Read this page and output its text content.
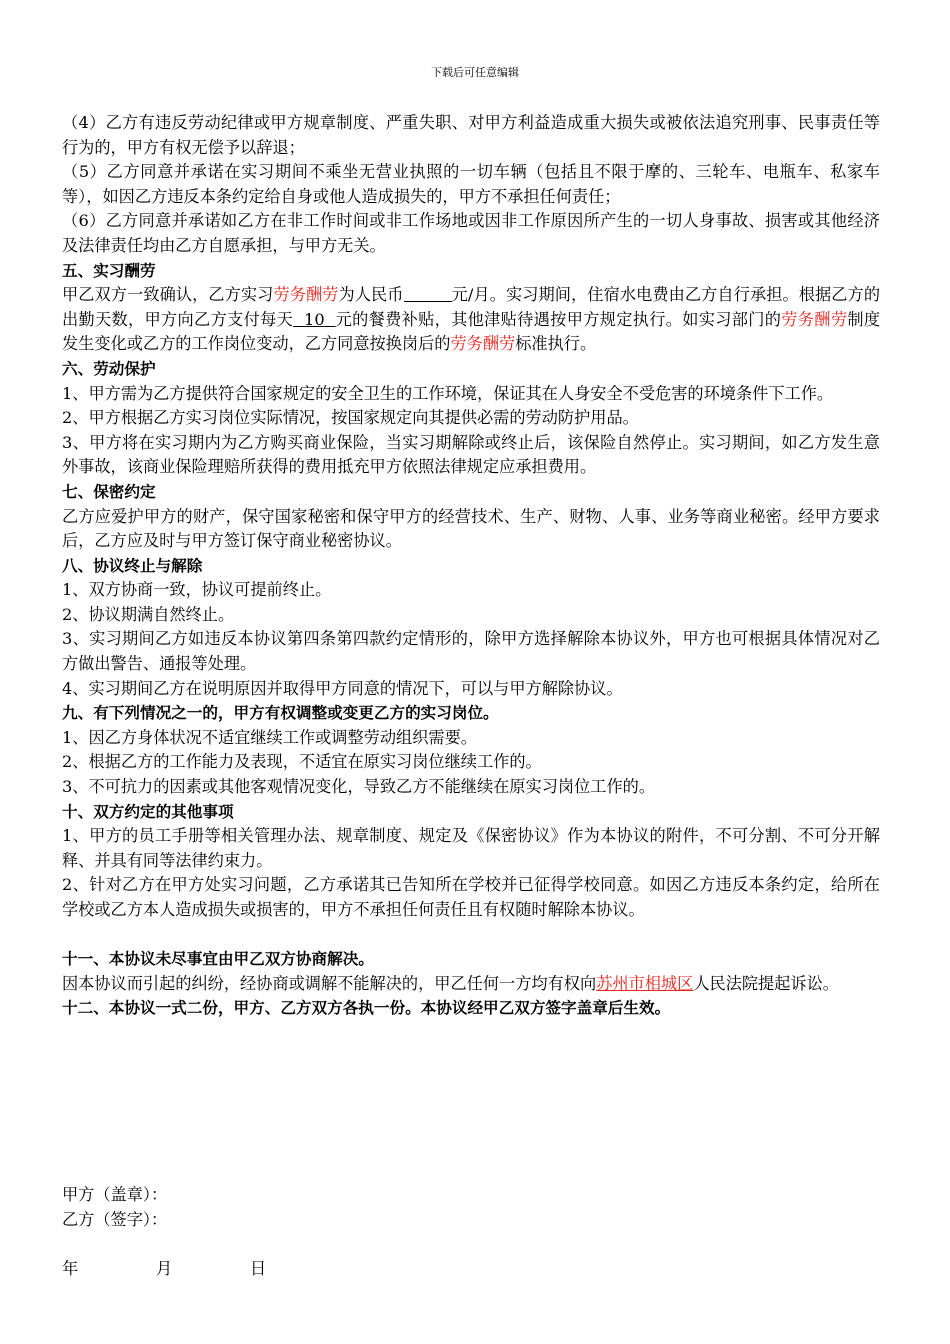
下载后可任意编辑

（4）乙方有违反劳动纪律或甲方规章制度、严重失职、对甲方利益造成重大损失或被依法追究刑事、民事责任等行为的，甲方有权无偿予以辞退；

（5）乙方同意并承诺在实习期间不乘坐无营业执照的一切车辆（包括且不限于摩的、三轮车、电瓶车、私家车等），如因乙方违反本条约定给自身或他人造成损失的，甲方不承担任何责任；

（6）乙方同意并承诺如乙方在非工作时间或非工作场地或因非工作原因所产生的一切人身事故、损害或其他经济及法律责任均由乙方自愿承担，与甲方无关。

五、实习酬劳

甲乙双方一致确认，乙方实习劳务酬劳为人民币	元/月。实习期间，住宿水电费由乙方自行承担。根据乙方的出勤天数，甲方向乙方支付每天 10 元的餐费补贴，其他津贴待遇按甲方规定执行。如实习部门的劳务酬劳制度发生变化或乙方的工作岗位变动，乙方同意按换岗后的劳务酬劳标准执行。

六、劳动保护

1、甲方需为乙方提供符合国家规定的安全卫生的工作环境，保证其在人身安全不受危害的环境条件下工作。

2、甲方根据乙方实习岗位实际情况，按国家规定向其提供必需的劳动防护用品。

3、甲方将在实习期内为乙方购买商业保险，当实习期解除或终止后，该保险自然停止。实习期间，如乙方发生意外事故，该商业保险理赔所获得的费用抵充甲方依照法律规定应承担费用。

七、保密约定

乙方应爱护甲方的财产，保守国家秘密和保守甲方的经营技术、生产、财物、人事、业务等商业秘密。经甲方要求后，乙方应及时与甲方签订保守商业秘密协议。

八、协议终止与解除

1、双方协商一致，协议可提前终止。

2、协议期满自然终止。

3、实习期间乙方如违反本协议第四条第四款约定情形的，除甲方选择解除本协议外，甲方也可根据具体情况对乙方做出警告、通报等处理。

4、实习期间乙方在说明原因并取得甲方同意的情况下，可以与甲方解除协议。

九、有下列情况之一的，甲方有权调整或变更乙方的实习岗位。

1、因乙方身体状况不适宜继续工作或调整劳动组织需要。

2、根据乙方的工作能力及表现，不适宜在原实习岗位继续工作的。

3、不可抗力的因素或其他客观情况变化，导致乙方不能继续在原实习岗位工作的。

十、双方约定的其他事项

1、甲方的员工手册等相关管理办法、规章制度、规定及《保密协议》作为本协议的附件，不可分割、不可分开解释、并具有同等法律约束力。

2、针对乙方在甲方处实习问题，乙方承诺其已告知所在学校并已征得学校同意。如因乙方违反本条约定，给所在学校或乙方本人造成损失或损害的，甲方不承担任何责任且有权随时解除本协议。

十一、本协议未尽事宜由甲乙双方协商解决。

因本协议而引起的纠纷，经协商或调解不能解决的，甲乙任何一方均有权向苏州市相城区人民法院提起诉讼。

十二、本协议一式二份，甲方、乙方双方各执一份。本协议经甲乙双方签字盖章后生效。

甲方（盖章）：
乙方（签字）：
年	月	日
